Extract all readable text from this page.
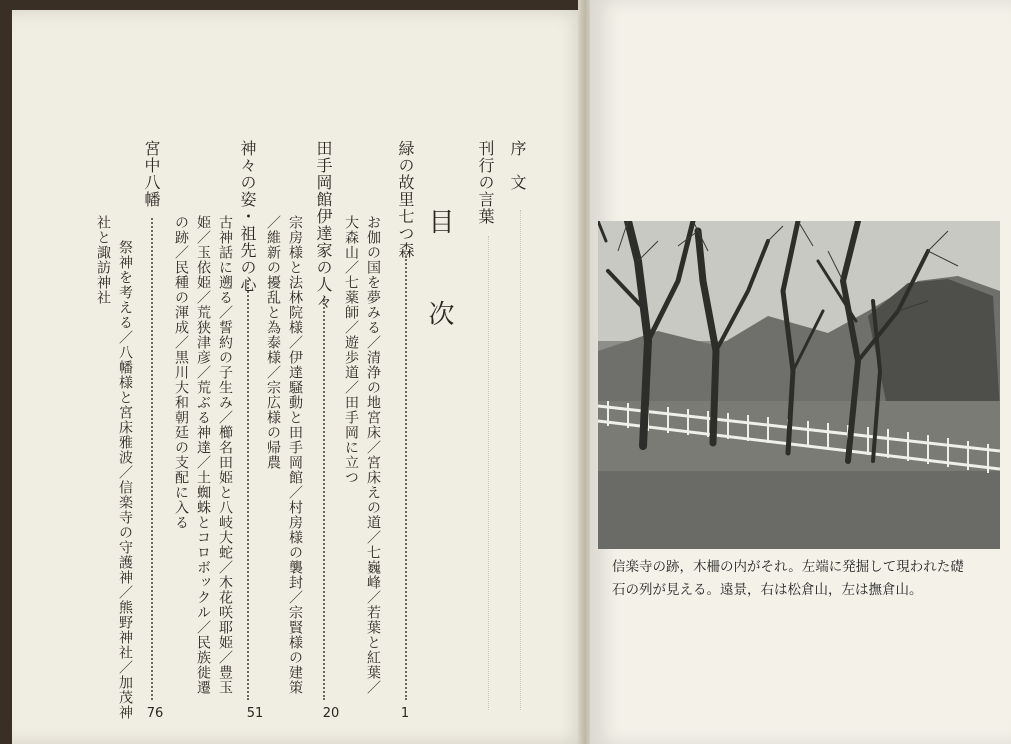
目　次
序　文
刊行の言葉
緑の故里七つ森
1
お伽の国を夢みる／清浄の地宮床／宮床えの道／七巍峰／若葉と紅葉／
大森山／七薬師／遊歩道／田手岡に立つ
田手岡館伊達家の人々
20
宗房様と法林院様／伊達騒動と田手岡館／村房様の襲封／宗賢様の建策
／維新の擾乱と為泰様／宗広様の帰農
神々の姿・祖先の心
51
古神話に遡る／誓約の子生み／櫛名田姫と八岐大蛇／木花咲耶姫／豊玉
姫／玉依姫／荒狭津彦／荒ぶる神達／土蜘蛛とコロボックル／民族徙遷
の跡／民種の渾成／黒川大和朝廷の支配に入る
宮中八幡
76
祭神を考える／八幡様と宮床雅波／信楽寺の守護神／熊野神社／加茂神
社と諏訪神社
信楽寺の跡，木柵の内がそれ。左端に発掘して現われた礎
石の列が見える。遠景，右は松倉山，左は撫倉山。
